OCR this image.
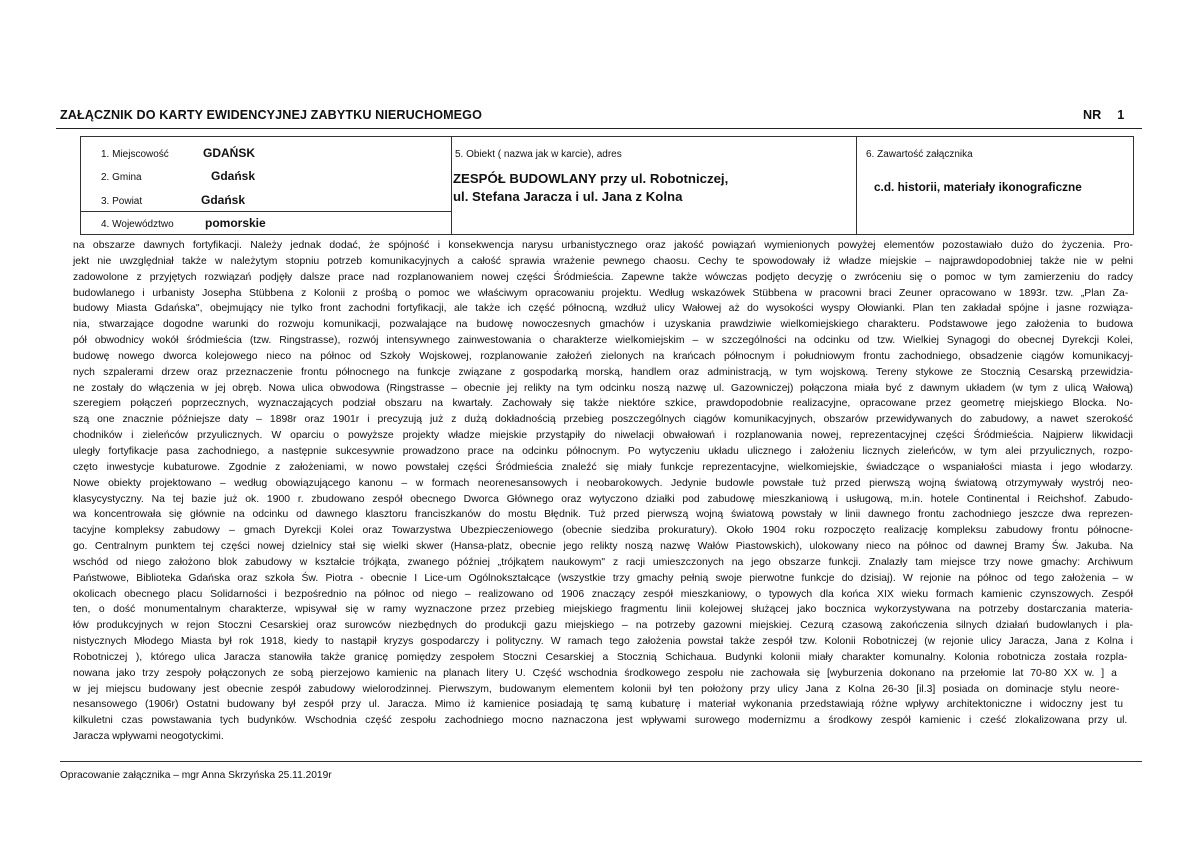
ZAŁĄCZNIK DO KARTY EWIDENCYJNEJ ZABYTKU NIERUCHOMEGO	NR 1
1. Miejscowość	GDAŃSK
2. Gmina	Gdańsk
3. Powiat	Gdańsk
4. Województwo	pomorskie
5. Obiekt ( nazwa jak w karcie), adres
ZESPÓŁ BUDOWLANY przy ul. Robotniczej,
ul. Stefana Jaracza i ul. Jana z Kolna
6. Zawartość załącznika
c.d. historii, materiały ikonograficzne
na obszarze dawnych fortyfikacji. Należy jednak dodać, że spójność i konsekwencja narysu urbanistycznego oraz jakość powiązań wymienionych powyżej elementów pozostawiało dużo do życzenia. Pro-
jekt nie uwzględniał także w należytym stopniu potrzeb komunikacyjnych a całość sprawia wrażenie pewnego chaosu. Cechy te spowodowały iż władze miejskie – najprawdopodobniej także nie w pełni
zadowolone z przyjętych rozwiązań podjęły dalsze prace nad rozplanowaniem nowej części Śródmieścia. Zapewne także wówczas podjęto decyzję o zwróceniu się o pomoc w tym zamierzeniu do radcy
budowlanego i urbanisty Josepha Stübbena z Kolonii z prośbą o pomoc we właściwym opracowaniu projektu. Według wskazówek Stübbena w pracowni braci Zeuner opracowano w 1893r. tzw. „Plan Za-
budowy Miasta Gdańska", obejmujący nie tylko front zachodni fortyfikacji, ale także ich część północną, wzdłuż ulicy Wałowej aż do wysokości wyspy Ołowianki. Plan ten zakładał spójne i jasne rozwiąza-
nia, stwarzające dogodne warunki do rozwoju komunikacji, pozwalające na budowę nowoczesnych gmachów i uzyskania prawdziwie wielkomiejskiego charakteru. Podstawowe jego założenia to budowa
pół obwodnicy wokół śródmieścia (tzw. Ringstrasse), rozwój intensywnego zainwestowania o charakterze wielkomiejskim – w szczególności na odcinku od tzw. Wielkiej Synagogi do obecnej Dyrekcji Kolei,
budowę nowego dworca kolejowego nieco na północ od Szkoły Wojskowej, rozplanowanie założeń zielonych na krańcach północnym i południowym frontu zachodniego, obsadzenie ciągów komunikacyj-
nych szpalerami drzew oraz przeznaczenie frontu północnego na funkcje związane z gospodarką morską, handlem oraz administracją, w tym wojskową. Tereny stykowe ze Stocznią Cesarską przewidzia-
ne zostały do włączenia w jej obręb. Nowa ulica obwodowa (Ringstrasse – obecnie jej relikty na tym odcinku noszą nazwę ul. Gazowniczej) połączona miała być z dawnym układem (w tym z ulicą Wałową)
szeregiem połączeń poprzecznych, wyznaczających podział obszaru na kwartały. Zachowały się także niektóre szkice, prawdopodobnie realizacyjne, opracowane przez geometrę miejskiego Blocka. No-
szą one znacznie późniejsze daty – 1898r oraz 1901r i precyzują już z dużą dokładnością przebieg poszczególnych ciągów komunikacyjnych, obszarów przewidywanych do zabudowy, a nawet szerokość
chodników i zieleńców przyulicznych. W oparciu o powyższe projekty władze miejskie przystąpiły do niwelacji obwałowań i rozplanowania nowej, reprezentacyjnej części Śródmieścia. Najpierw likwidacji
uległy fortyfikacje pasa zachodniego, a następnie sukcesywnie prowadzono prace na odcinku północnym. Po wytyczeniu układu ulicznego i założeniu licznych zieleńców, w tym alei przyulicznych, rozpo-
częto inwestycje kubaturowe. Zgodnie z założeniami, w nowo powstałej części Śródmieścia znaleźć się miały funkcje reprezentacyjne, wielkomiejskie, świadczące o wspaniałości miasta i jego włodarzy.
Nowe obiekty projektowano – według obowiązującego kanonu – w formach neorenesansowych i neobarokowych. Jedynie budowle powstałe tuż przed pierwszą wojną światową otrzymywały wystrój neo-
klasycystyczny. Na tej bazie już ok. 1900 r. zbudowano zespół obecnego Dworca Głównego oraz wytyczono działki pod zabudowę mieszkaniową i usługową, m.in. hotele Continental i Reichshof. Zabudo-
wa koncentrowała się głównie na odcinku od dawnego klasztoru franciszkanów do mostu Błędnik. Tuż przed pierwszą wojną światową powstały w linii dawnego frontu zachodniego jeszcze dwa reprezen-
tacyjne kompleksy zabudowy – gmach Dyrekcji Kolei oraz Towarzystwa Ubezpieczeniowego (obecnie siedziba prokuratury). Około 1904 roku rozpoczęto realizację kompleksu zabudowy frontu północne-
go. Centralnym punktem tej części nowej dzielnicy stał się wielki skwer (Hansa-platz, obecnie jego relikty noszą nazwę Wałów Piastowskich), ulokowany nieco na północ od dawnej Bramy Św. Jakuba. Na
wschód od niego założono blok zabudowy w kształcie trójkąta, zwanego później „trójkątem naukowym" z racji umieszczonych na jego obszarze funkcji. Znalazły tam miejsce trzy nowe gmachy: Archiwum
Państwowe, Biblioteka Gdańska oraz szkoła Św. Piotra - obecnie I Lice-um Ogólnokształcące (wszystkie trzy gmachy pełnią swoje pierwotne funkcje do dzisiaj). W rejonie na północ od tego założenia – w
okolicach obecnego placu Solidarności i bezpośrednio na północ od niego – realizowano od 1906 znaczący zespół mieszkaniowy, o typowych dla końca XIX wieku formach kamienic czynszowych. Zespół
ten, o dość monumentalnym charakterze, wpisywał się w ramy wyznaczone przez przebieg miejskiego fragmentu linii kolejowej służącej jako bocznica wykorzystywana na potrzeby dostarczania materia-
łów produkcyjnych w rejon Stoczni Cesarskiej oraz surowców niezbędnych do produkcji gazu miejskiego – na potrzeby gazowni miejskiej. Cezurą czasową zakończenia silnych działań budowlanych i pla-
nistycznych Młodego Miasta był rok 1918, kiedy to nastąpił kryzys gospodarczy i polityczny. W ramach tego założenia powstał także zespół tzw. Kolonii Robotniczej (w rejonie ulicy Jaracza, Jana z Kolna i
Robotniczej ), którego ulica Jaracza stanowiła także granicę pomiędzy zespołem Stoczni Cesarskiej a Stocznią Schichaua. Budynki kolonii miały charakter komunalny. Kolonia robotnicza została rozpla-
nowana jako trzy zespoły połączonych ze sobą pierzejowo kamienic na planach litery U. Część wschodnia środkowego zespołu nie zachowała się [wyburzenia dokonano na przełomie lat 70-80 XX w. ] a
w jej miejscu budowany jest obecnie zespół zabudowy wielorodzinnej. Pierwszym, budowanym elementem kolonii był ten położony przy ulicy Jana z Kolna 26-30 [il.3] posiada on dominacje stylu neore-
nesansowego (1906r) Ostatni budowany był zespół przy ul. Jaracza. Mimo iż kamienice posiadają tę samą kubaturę i materiał wykonania przedstawiają różne wpływy architektoniczne i widoczny jest tu
kilkuletni czas powstawania tych budynków. Wschodnia część zespołu zachodniego mocno naznaczona jest wpływami surowego modernizmu a środkowy zespół kamienic i cześć zlokalizowana przy ul.
Jaracza wpływami neogotyckimi.
Opracowanie załącznika – mgr Anna Skrzyńska 25.11.2019r
